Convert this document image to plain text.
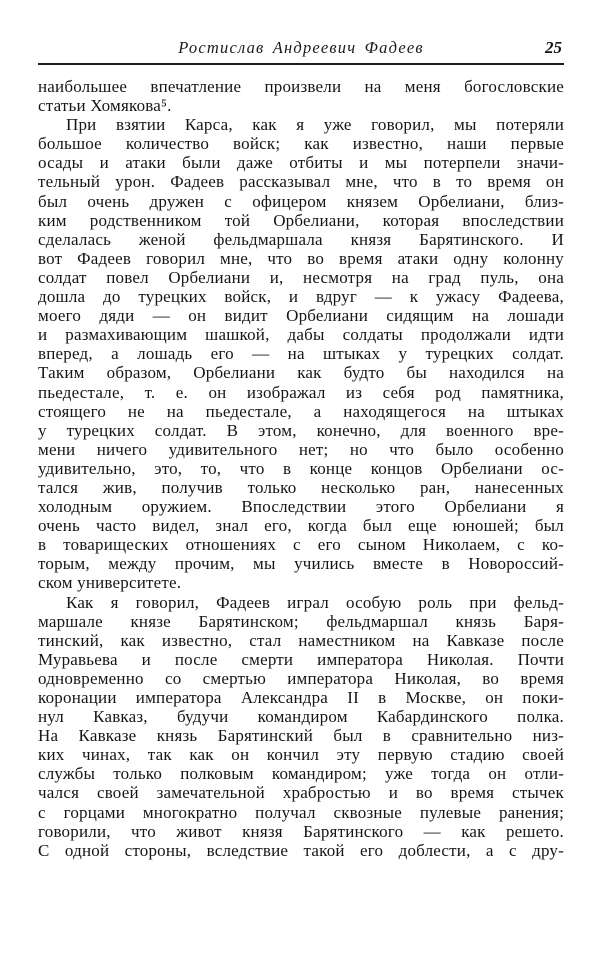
Ростислав Андреевич Фадеев	25
наибольшее впечатление произвели на меня богословские
статьи Хомякова⁵.
При взятии Карса, как я уже говорил, мы потеряли
большое количество войск; как известно, наши первые
осады и атаки были даже отбиты и мы потерпели значи-
тельный урон. Фадеев рассказывал мне, что в то время он
был очень дружен с офицером князем Орбелиани, близ-
ким родственником той Орбелиани, которая впоследствии
сделалась женой фельдмаршала князя Барятинского. И
вот Фадеев говорил мне, что во время атаки одну колонну
солдат повел Орбелиани и, несмотря на град пуль, она
дошла до турецких войск, и вдруг — к ужасу Фадеева,
моего дяди — он видит Орбелиани сидящим на лошади
и размахивающим шашкой, дабы солдаты продолжали идти
вперед, а лошадь его — на штыках у турецких солдат.
Таким образом, Орбелиани как будто бы находился на
пьедестале, т. е. он изображал из себя род памятника,
стоящего не на пьедестале, а находящегося на штыках
у турецких солдат. В этом, конечно, для военного вре-
мени ничего удивительного нет; но что было особенно
удивительно, это, то, что в конце концов Орбелиани ос-
тался жив, получив только несколько ран, нанесенных
холодным оружием. Впоследствии этого Орбелиани я
очень часто видел, знал его, когда был еще юношей; был
в товарищеских отношениях с его сыном Николаем, с ко-
торым, между прочим, мы учились вместе в Новороссий-
ском университете.
Как я говорил, Фадеев играл особую роль при фельд-
маршале князе Барятинском; фельдмаршал князь Баря-
тинский, как известно, стал наместником на Кавказе после
Муравьева и после смерти императора Николая. Почти
одновременно со смертью императора Николая, во время
коронации императора Александра II в Москве, он поки-
нул Кавказ, будучи командиром Кабардинского полка.
На Кавказе князь Барятинский был в сравнительно низ-
ких чинах, так как он кончил эту первую стадию своей
службы только полковым командиром; уже тогда он отли-
чался своей замечательной храбростью и во время стычек
с горцами многократно получал сквозные пулевые ранения;
говорили, что живот князя Барятинского — как решето.
С одной стороны, вследствие такой его доблести, а с дру-
